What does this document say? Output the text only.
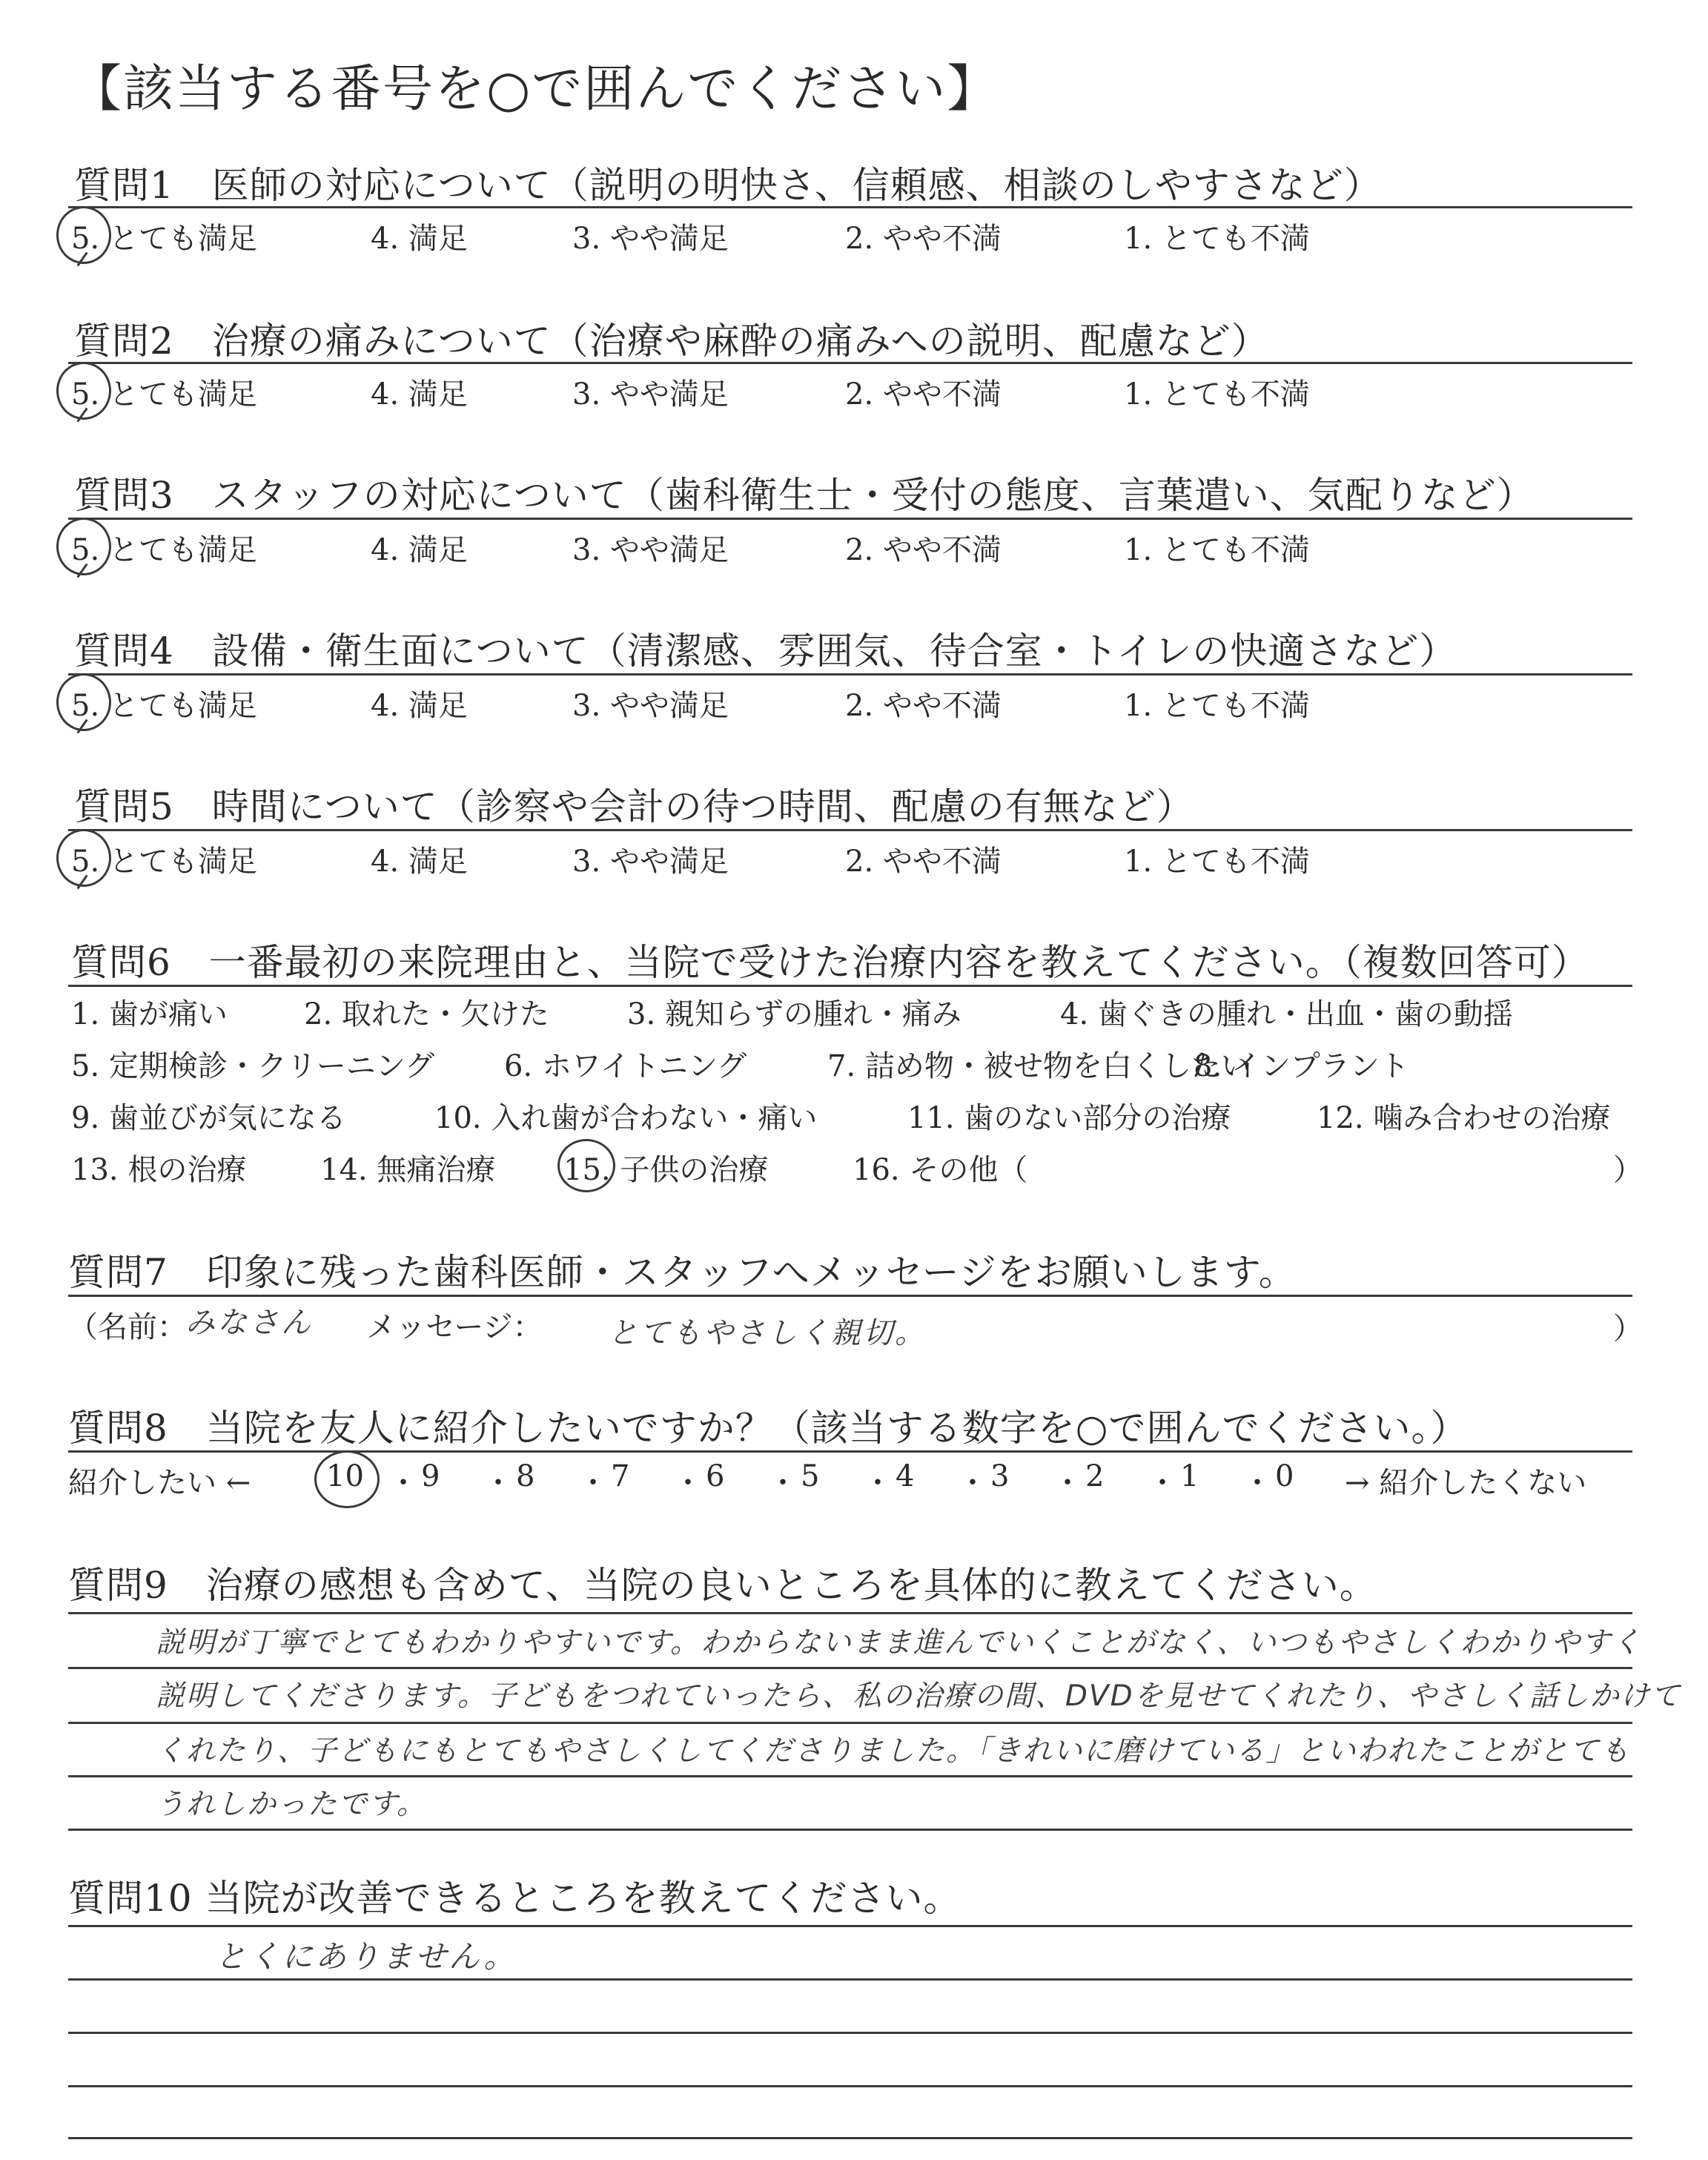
【該当する番号を○で囲んでください】
質問1　医師の対応について（説明の明快さ、信頼感、相談のしやすさなど）
5. とても満足	4. 満足	3. やや満足	2. やや不満	1. とても不満
質問2　治療の痛みについて（治療や麻酔の痛みへの説明、配慮など）
5. とても満足	4. 満足	3. やや満足	2. やや不満	1. とても不満
質問3　スタッフの対応について（歯科衛生士・受付の態度、言葉遣い、気配りなど）
5. とても満足	4. 満足	3. やや満足	2. やや不満	1. とても不満
質問4　設備・衛生面について（清潔感、雰囲気、待合室・トイレの快適さなど）
5. とても満足	4. 満足	3. やや満足	2. やや不満	1. とても不満
質問5　時間について（診察や会計の待つ時間、配慮の有無など）
5. とても満足	4. 満足	3. やや満足	2. やや不満	1. とても不満
質問6　一番最初の来院理由と、当院で受けた治療内容を教えてください。（複数回答可）
1. 歯が痛い	2. 取れた・欠けた	3. 親知らずの腫れ・痛み	4. 歯ぐきの腫れ・出血・歯の動揺
5. 定期検診・クリーニング 6. ホワイトニング	7. 詰め物・被せ物を白くしたい
8. インプラント
9. 歯並びが気になる	10. 入れ歯が合わない・痛い	11. 歯のない部分の治療	12. 噛み合わせの治療
13. 根の治療 14. 無痛治療 15. 子供の治療	16. その他（	）
質問7　印象に残った歯科医師・スタッフへメッセージをお願いします。
（名前：
みなさん メッセージ： とてもやさしく親切。	）
質問8　当院を友人に紹介したいですか？（該当する数字を○で囲んでください。）
紹介したい ←	10 ・ 9 ・ 8 ・ 7 ・ 6 ・ 5 ・ 4 ・ 3 ・ 2 ・ 1 ・ 0 → 紹介したくない
質問9　治療の感想も含めて、当院の良いところを具体的に教えてください。
説明が丁寧でとてもわかりやすいです。わからないまま進んでいくことがなく、いつもやさしくわかりやすく
説明してくださります。子どもをつれていったら、私の治療の間、DVDを見せてくれたり、やさしく話しかけて
くれたり、子どもにもとてもやさしくしてくださりました。「きれいに磨けている」といわれたことがとても
うれしかったです。
質問10 当院が改善できるところを教えてください。
とくにありません。
